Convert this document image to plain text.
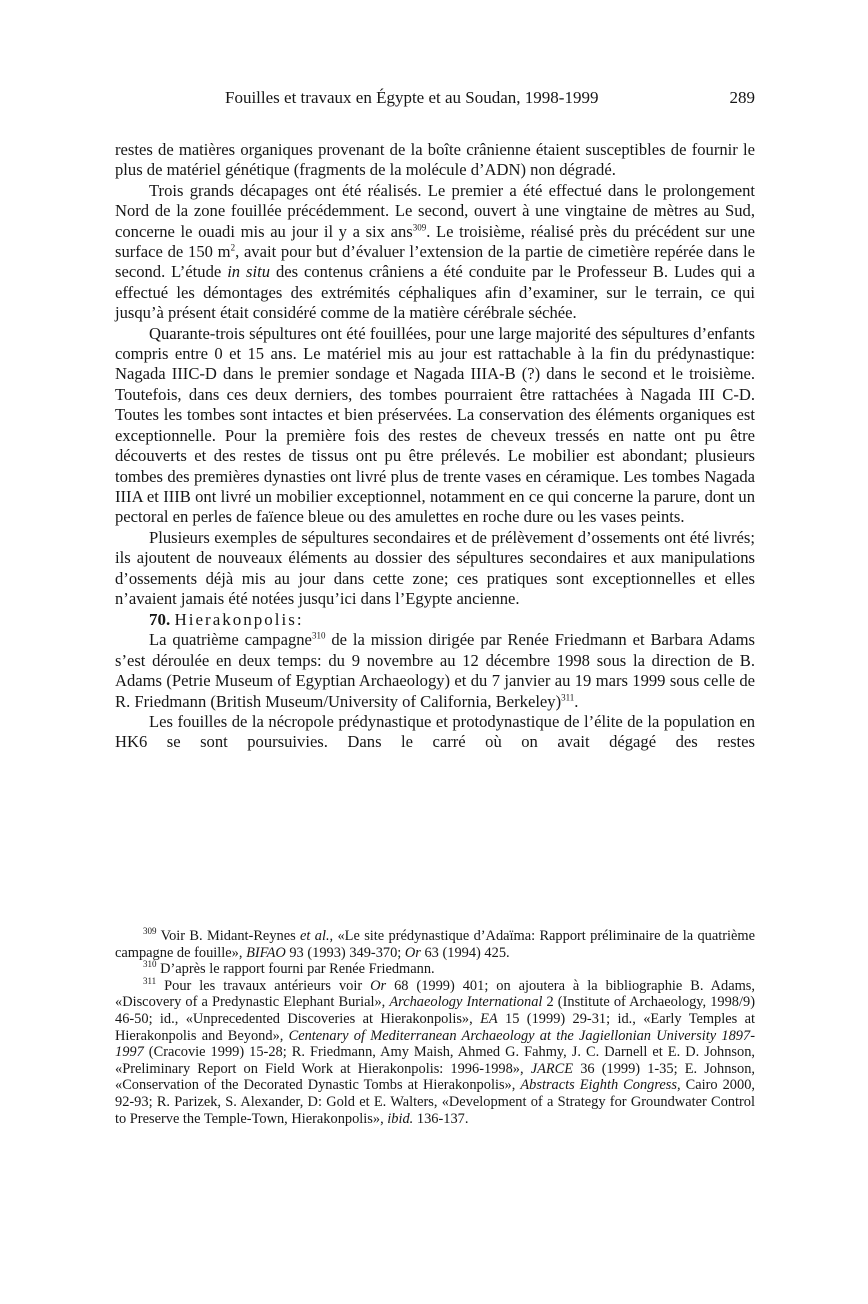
Fouilles et travaux en Égypte et au Soudan, 1998-1999	289

restes de matières organiques provenant de la boîte crânienne étaient susceptibles de fournir le plus de matériel génétique (fragments de la molécule d’ADN) non dégradé.

Trois grands décapages ont été réalisés. Le premier a été effectué dans le prolongement Nord de la zone fouillée précédemment. Le second, ouvert à une vingtaine de mètres au Sud, concerne le ouadi mis au jour il y a six ans$^{309}$. Le troisième, réalisé près du précédent sur une surface de 150 $m^2$, avait pour but d’évaluer l’extension de la partie de cimetière repérée dans le second. L’étude in situ des contenus crâniens a été conduite par le Professeur B. Ludes qui a effectué les démontages des extrémités céphaliques afin d’examiner, sur le terrain, ce qui jusqu’à présent était considéré comme de la matière cérébrale séchée.

Quarante-trois sépultures ont été fouillées, pour une large majorité des sépultures d’enfants compris entre 0 et 15 ans. Le matériel mis au jour est rattachable à la fin du prédynastique: Nagada IIIC-D dans le premier sondage et Nagada IIIA-B (?) dans le second et le troisième. Toutefois, dans ces deux derniers, des tombes pourraient être rattachées à Nagada III C-D. Toutes les tombes sont intactes et bien préservées. La conservation des éléments organiques est exceptionnelle. Pour la première fois des restes de cheveux tressés en natte ont pu être découverts et des restes de tissus ont pu être prélevés. Le mobilier est abondant; plusieurs tombes des premières dynasties ont livré plus de trente vases en céramique. Les tombes Nagada IIIA et IIIB ont livré un mobilier exceptionnel, notamment en ce qui concerne la parure, dont un pectoral en perles de faïence bleue ou des amulettes en roche dure ou les vases peints.

Plusieurs exemples de sépultures secondaires et de prélèvement d’ossements ont été livrés; ils ajoutent de nouveaux éléments au dossier des sépultures secondaires et aux manipulations d’ossements déjà mis au jour dans cette zone; ces pratiques sont exceptionnelles et elles n’avaient jamais été notées jusqu’ici dans l’Egypte ancienne.

70. Hierakonpolis:

La quatrième campagne$^{310}$ de la mission dirigée par Renée Friedmann et Barbara Adams s’est déroulée en deux temps: du 9 novembre au 12 décembre 1998 sous la direction de B. Adams (Petrie Museum of Egyptian Archaeology) et du 7 janvier au 19 mars 1999 sous celle de R. Friedmann (British Museum/University of California, Berkeley)$^{311}$.

Les fouilles de la nécropole prédynastique et protodynastique de l’élite de la population en HK6 se sont poursuivies. Dans le carré où on avait dégagé des restes

$^{309}$ Voir B. Midant-Reynes et al., «Le site prédynastique d’Adaïma: Rapport préliminaire de la quatrième campagne de fouille», BIFAO 93 (1993) 349-370; Or 63 (1994) 425.

$^{310}$ D’après le rapport fourni par Renée Friedmann.

$^{311}$ Pour les travaux antérieurs voir Or 68 (1999) 401; on ajoutera à la bibliographie B. Adams, «Discovery of a Predynastic Elephant Burial», Archaeology International 2 (Institute of Archaeology, 1998/9) 46-50; id., «Unprecedented Discoveries at Hierakonpolis», EA 15 (1999) 29-31; id., «Early Temples at Hierakonpolis and Beyond», Centenary of Mediterranean Archaeology at the Jagiellonian University 1897-1997 (Cracovie 1999) 15-28; R. Friedmann, Amy Maish, Ahmed G. Fahmy, J. C. Darnell et E. D. Johnson, «Preliminary Report on Field Work at Hierakonpolis: 1996-1998», JARCE 36 (1999) 1-35; E. Johnson, «Conservation of the Decorated Dynastic Tombs at Hierakonpolis», Abstracts Eighth Congress, Cairo 2000, 92-93; R. Parizek, S. Alexander, D: Gold et E. Walters, «Development of a Strategy for Groundwater Control to Preserve the Temple-Town, Hierakonpolis», ibid. 136-137.
